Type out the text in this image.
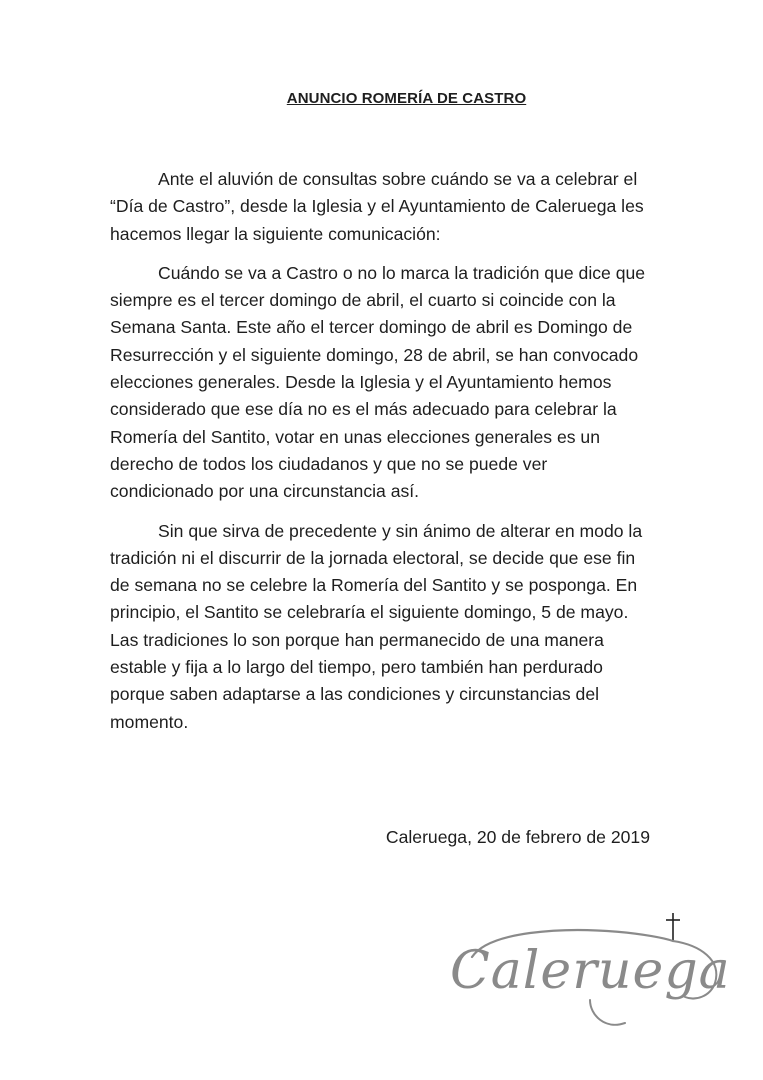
ANUNCIO ROMERÍA DE CASTRO

Ante el aluvión de consultas sobre cuándo se va a celebrar el “Día de Castro”, desde la Iglesia y el Ayuntamiento de Caleruega les hacemos llegar la siguiente comunicación:

Cuándo se va a Castro o no lo marca la tradición que dice que siempre es el tercer domingo de abril, el cuarto si coincide con la Semana Santa. Este año el tercer domingo de abril es Domingo de Resurrección y el siguiente domingo, 28 de abril, se han convocado elecciones generales. Desde la Iglesia y el Ayuntamiento hemos considerado que ese día no es el más adecuado para celebrar la Romería del Santito, votar en unas elecciones generales es un derecho de todos los ciudadanos y que no se puede ver condicionado por una circunstancia así.

Sin que sirva de precedente y sin ánimo de alterar en modo la tradición ni el discurrir de la jornada electoral, se decide que ese fin de semana no se celebre la Romería del Santito y se posponga. En principio, el Santito se celebraría el siguiente domingo, 5 de mayo. Las tradiciones lo son porque han permanecido de una manera estable y fija a lo largo del tiempo, pero también han perdurado porque saben adaptarse a las condiciones y circunstancias del momento.

Caleruega, 20 de febrero de 2019
Caleruega
